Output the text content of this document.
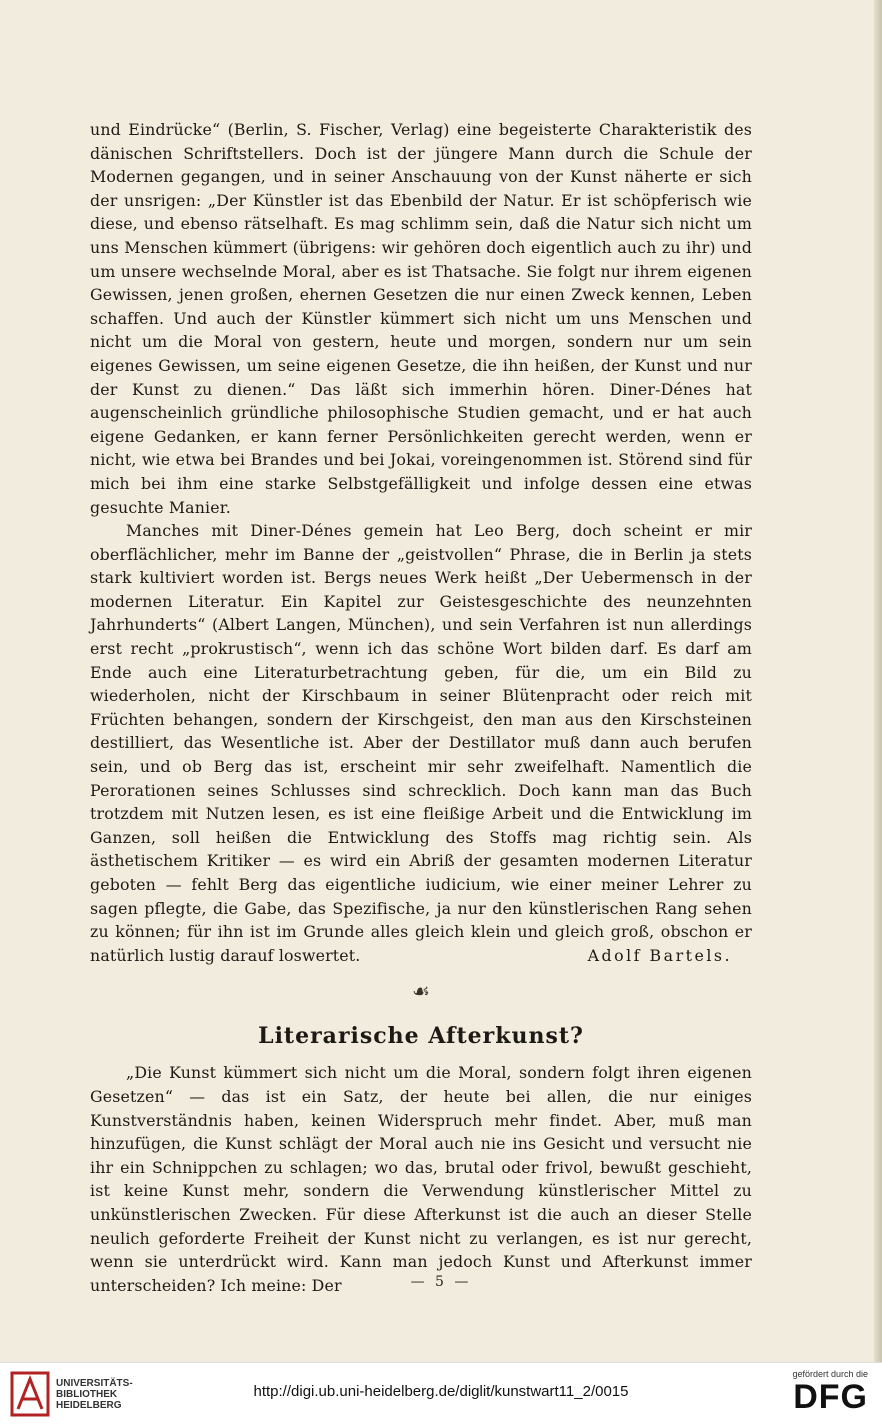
und Eindrücke“ (Berlin, S. Fischer, Verlag) eine begeisterte Charakteristik des dänischen Schriftstellers. Doch ist der jüngere Mann durch die Schule der Modernen gegangen, und in seiner Anschauung von der Kunst näherte er sich der unsrigen: „Der Künstler ist das Ebenbild der Natur. Er ist schöpferisch wie diese, und ebenso rätselhaft. Es mag schlimm sein, daß die Natur sich nicht um uns Menschen kümmert (übrigens: wir gehören doch eigentlich auch zu ihr) und um unsere wechselnde Moral, aber es ist Thatsache. Sie folgt nur ihrem eigenen Gewissen, jenen großen, ehernen Gesetzen die nur einen Zweck kennen, Leben schaffen. Und auch der Künstler kümmert sich nicht um uns Menschen und nicht um die Moral von gestern, heute und morgen, sondern nur um sein eigenes Gewissen, um seine eigenen Gesetze, die ihn heißen, der Kunst und nur der Kunst zu dienen.“ Das läßt sich immerhin hören. Diner-Dénes hat augenscheinlich gründliche philosophische Studien gemacht, und er hat auch eigene Gedanken, er kann ferner Persönlichkeiten gerecht werden, wenn er nicht, wie etwa bei Brandes und bei Jokai, voreingenommen ist. Störend sind für mich bei ihm eine starke Selbstgefälligkeit und infolge dessen eine etwas gesuchte Manier.

Manches mit Diner-Dénes gemein hat Leo Berg, doch scheint er mir oberflächlicher, mehr im Banne der „geistvollen“ Phrase, die in Berlin ja stets stark kultiviert worden ist. Bergs neues Werk heißt „Der Uebermensch in der modernen Literatur. Ein Kapitel zur Geistesgeschichte des neunzehnten Jahrhunderts“ (Albert Langen, München), und sein Verfahren ist nun allerdings erst recht „prokrustisch“, wenn ich das schöne Wort bilden darf. Es darf am Ende auch eine Literaturbetrachtung geben, für die, um ein Bild zu wiederholen, nicht der Kirschbaum in seiner Blütenpracht oder reich mit Früchten behangen, sondern der Kirschgeist, den man aus den Kirschsteinen destilliert, das Wesentliche ist. Aber der Destillator muß dann auch berufen sein, und ob Berg das ist, erscheint mir sehr zweifelhaft. Namentlich die Perorationen seines Schlusses sind schrecklich. Doch kann man das Buch trotzdem mit Nutzen lesen, es ist eine fleißige Arbeit und die Entwicklung im Ganzen, soll heißen die Entwicklung des Stoffs mag richtig sein. Als ästhetischem Kritiker — es wird ein Abriß der gesamten modernen Literatur geboten — fehlt Berg das eigentliche iudicium, wie einer meiner Lehrer zu sagen pflegte, die Gabe, das Spezifische, ja nur den künstlerischen Rang sehen zu können; für ihn ist im Grunde alles gleich klein und gleich groß, obschon er natürlich lustig darauf loswertet.	Adolf Bartels.
☙
Literarische Afterkunst?

„Die Kunst kümmert sich nicht um die Moral, sondern folgt ihren eigenen Gesetzen“ — das ist ein Satz, der heute bei allen, die nur einiges Kunstverständnis haben, keinen Widerspruch mehr findet. Aber, muß man hinzufügen, die Kunst schlägt der Moral auch nie ins Gesicht und versucht nie ihr ein Schnippchen zu schlagen; wo das, brutal oder frivol, bewußt geschieht, ist keine Kunst mehr, sondern die Verwendung künstlerischer Mittel zu unkünstlerischen Zwecken. Für diese Afterkunst ist die auch an dieser Stelle neulich geforderte Freiheit der Kunst nicht zu verlangen, es ist nur gerecht, wenn sie unterdrückt wird. Kann man jedoch Kunst und Afterkunst immer unterscheiden? Ich meine: Der	— 5 —
UNIVERSITÄTS-
BIBLIOTHEK
HEIDELBERG
http://digi.ub.uni-heidelberg.de/diglit/kunstwart11_2/0015
gefördert durch die
DFG
